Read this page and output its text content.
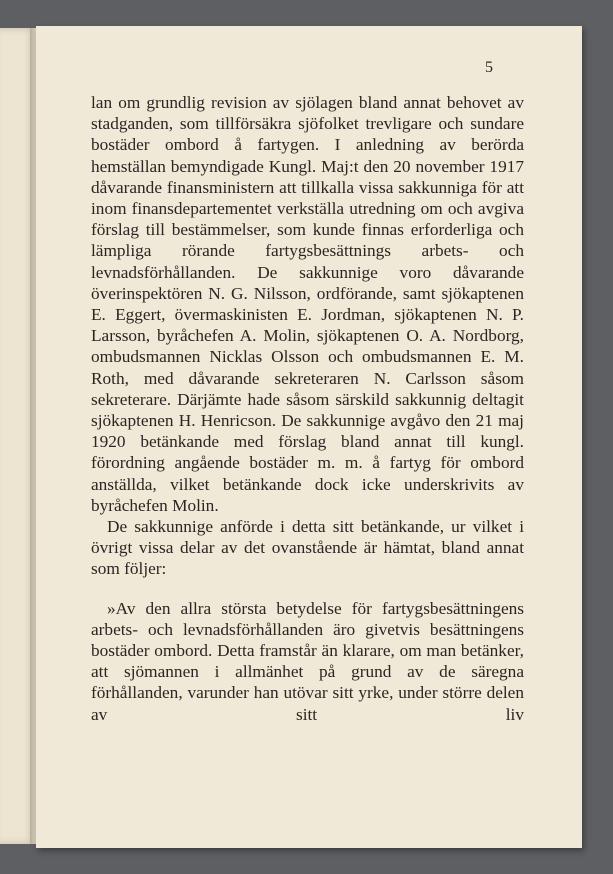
5

lan om grundlig revision av sjölagen bland annat behovet av stadganden, som tillförsäkra sjöfolket trevligare och sundare bostäder ombord å fartygen. I anledning av berörda hemställan bemyndigade Kungl. Maj:t den 20 november 1917 dåvarande finansministern att tillkalla vissa sakkunniga för att inom finansdepartementet verkställa utredning om och avgiva förslag till bestämmelser, som kunde finnas erforderliga och lämpliga rörande fartygsbesättnings arbets- och levnadsförhållanden. De sakkunnige voro dåvarande överinspektören N. G. Nilsson, ordförande, samt sjökaptenen E. Eggert, övermaskinisten E. Jordman, sjökaptenen N. P. Larsson, byråchefen A. Molin, sjökaptenen O. A. Nordborg, ombudsmannen Nicklas Olsson och ombudsmannen E. M. Roth, med dåvarande sekreteraren N. Carlsson såsom sekreterare. Därjämte hade såsom särskild sakkunnig deltagit sjökaptenen H. Henricson. De sakkunnige avgåvo den 21 maj 1920 betänkande med förslag bland annat till kungl. förordning angående bostäder m. m. å fartyg för ombord anställda, vilket betänkande dock icke underskrivits av byråchefen Molin.

De sakkunnige anförde i detta sitt betänkande, ur vilket i övrigt vissa delar av det ovanstående är hämtat, bland annat som följer:

»Av den allra största betydelse för fartygsbesättningens arbets- och levnadsförhållanden äro givetvis besättningens bostäder ombord. Detta framstår än klarare, om man betänker, att sjömannen i allmänhet på grund av de säregna förhållanden, varunder han utövar sitt yrke, under större delen av sitt liv
